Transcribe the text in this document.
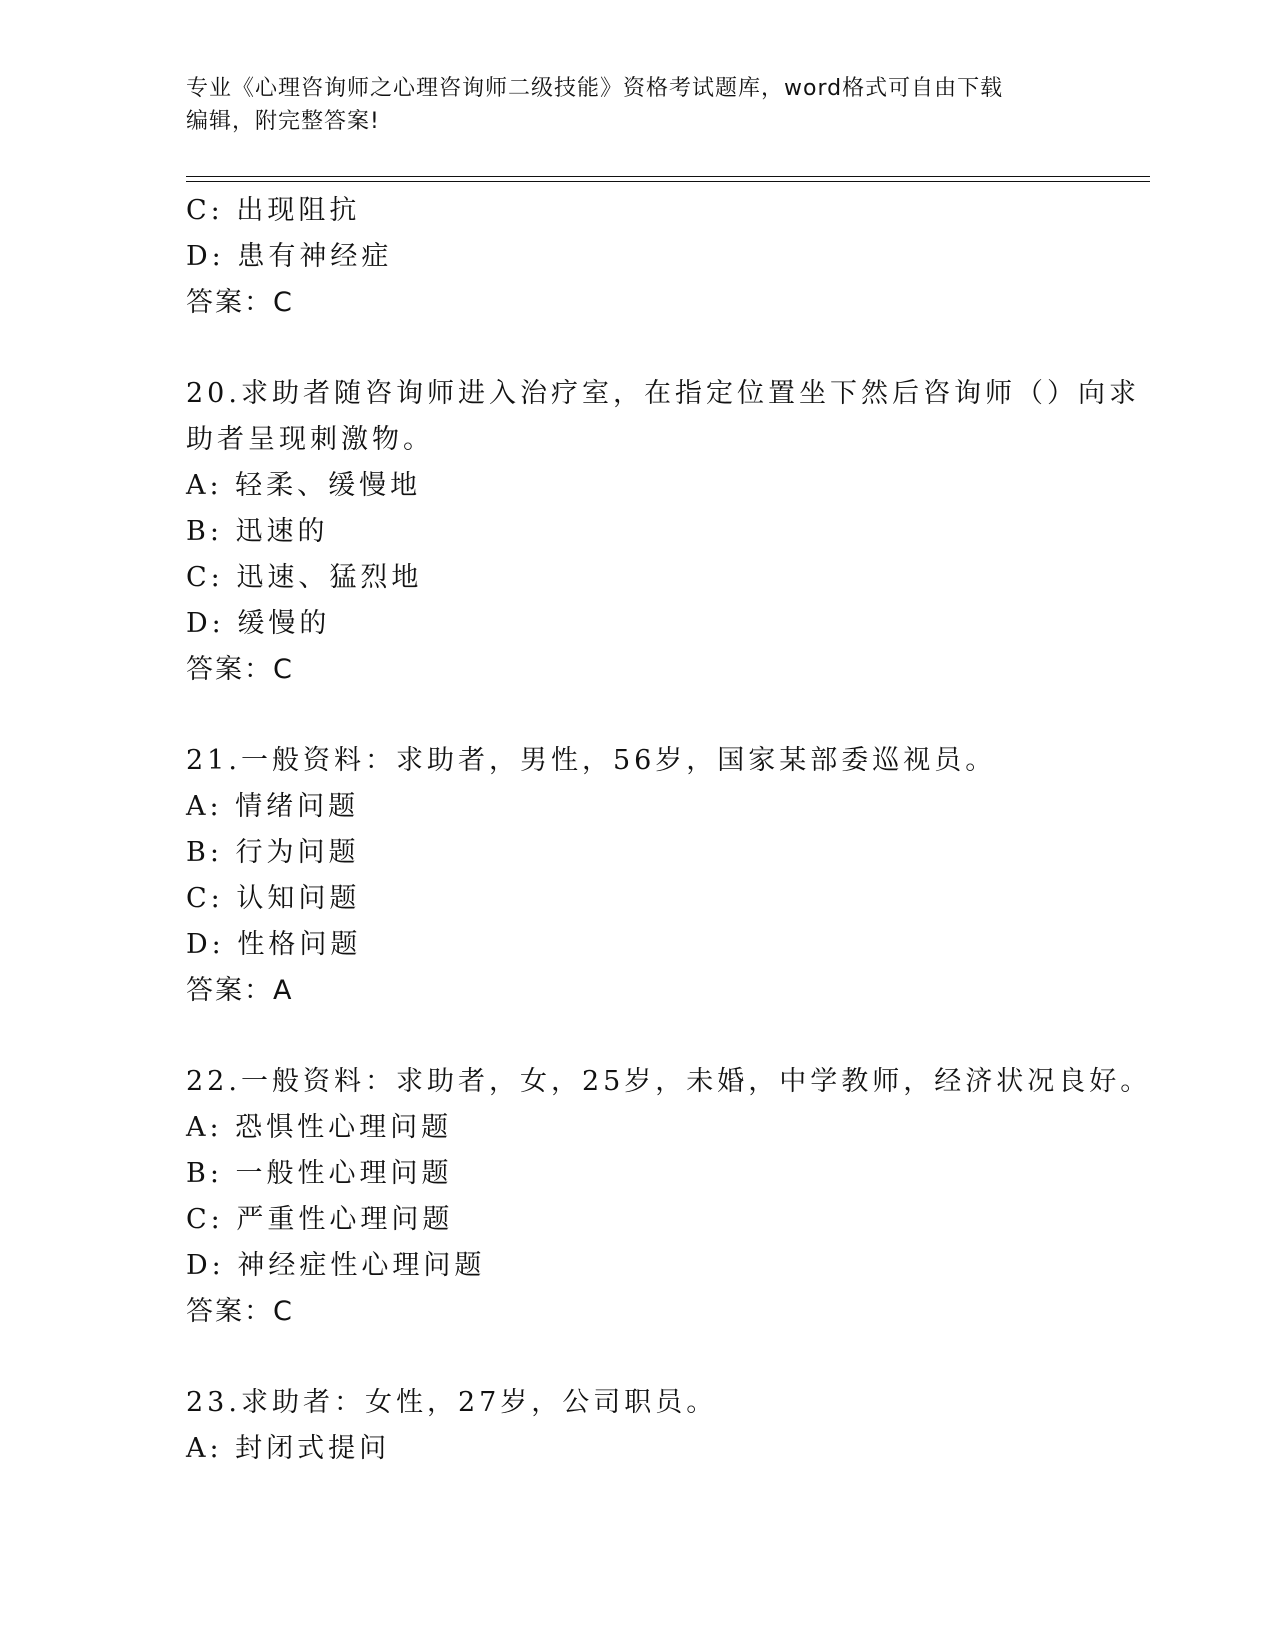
专业《心理咨询师之心理咨询师二级技能》资格考试题库，word格式可自由下载
编辑，附完整答案!
C: 出现阻抗
D: 患有神经症
答案：C
20.求助者随咨询师进入治疗室，在指定位置坐下然后咨询师（）向求
助者呈现刺激物。
A: 轻柔、缓慢地
B: 迅速的
C: 迅速、猛烈地
D: 缓慢的
答案：C
21.一般资料：求助者，男性，56岁，国家某部委巡视员。
A: 情绪问题
B: 行为问题
C: 认知问题
D: 性格问题
答案：A
22.一般资料：求助者，女，25岁，未婚，中学教师，经济状况良好。
A: 恐惧性心理问题
B: 一般性心理问题
C: 严重性心理问题
D: 神经症性心理问题
答案：C
23.求助者：女性，27岁，公司职员。
A: 封闭式提问
